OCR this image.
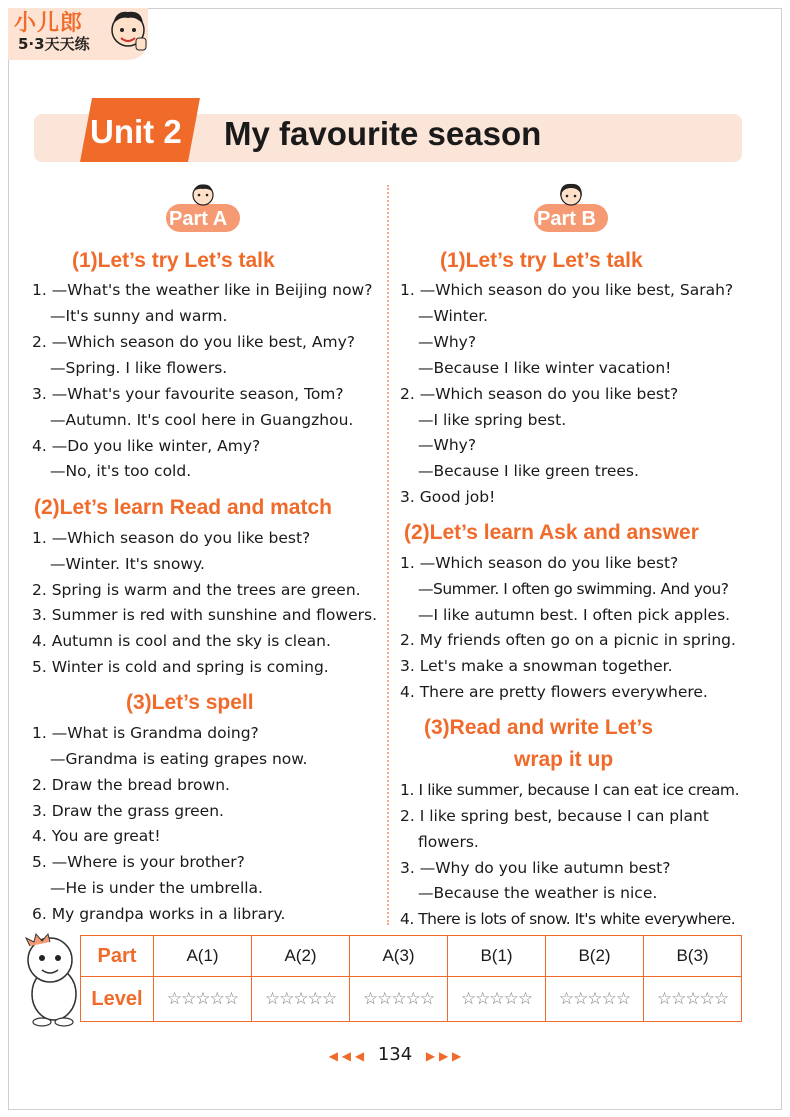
小儿郎
5·3天天练
Unit 2 My favourite season
Part A	Part B
(1)Let’s try Let’s talk
1. —What's the weather like in Beijing now?
—It's sunny and warm.
2. —Which season do you like best, Amy?
—Spring. I like flowers.
3. —What's your favourite season, Tom?
—Autumn. It's cool here in Guangzhou.
4. —Do you like winter, Amy?
—No, it's too cold.
(2)Let’s learn Read and match
1. —Which season do you like best?
—Winter. It's snowy.
2. Spring is warm and the trees are green.
3. Summer is red with sunshine and flowers.
4. Autumn is cool and the sky is clean.
5. Winter is cold and spring is coming.
(3)Let’s spell
1. —What is Grandma doing?
—Grandma is eating grapes now.
2. Draw the bread brown.
3. Draw the grass green.
4. You are great!
5. —Where is your brother?
—He is under the umbrella.
6. My grandpa works in a library.
(1)Let’s try Let’s talk
1. —Which season do you like best, Sarah?
—Winter.
—Why?
—Because I like winter vacation!
2. —Which season do you like best?
—I like spring best.
—Why?
—Because I like green trees.
3. Good job!
(2)Let’s learn Ask and answer
1. —Which season do you like best?
—Summer. I often go swimming. And you?
—I like autumn best. I often pick apples.
2. My friends often go on a picnic in spring.
3. Let's make a snowman together.
4. There are pretty flowers everywhere.
(3)Read and write Let’s
wrap it up
1. I like summer, because I can eat ice cream.
2. I like spring best, because I can plant
flowers.
3. —Why do you like autumn best?
—Because the weather is nice.
4. There is lots of snow. It's white everywhere.
Part	A(1)	A(2)	A(3)	B(1)	B(2)	B(3)
Level	☆☆☆☆☆	☆☆☆☆☆	☆☆☆☆☆	☆☆☆☆☆	☆☆☆☆☆	☆☆☆☆☆
◀ ◀ ◀ 134 ▶ ▶ ▶
